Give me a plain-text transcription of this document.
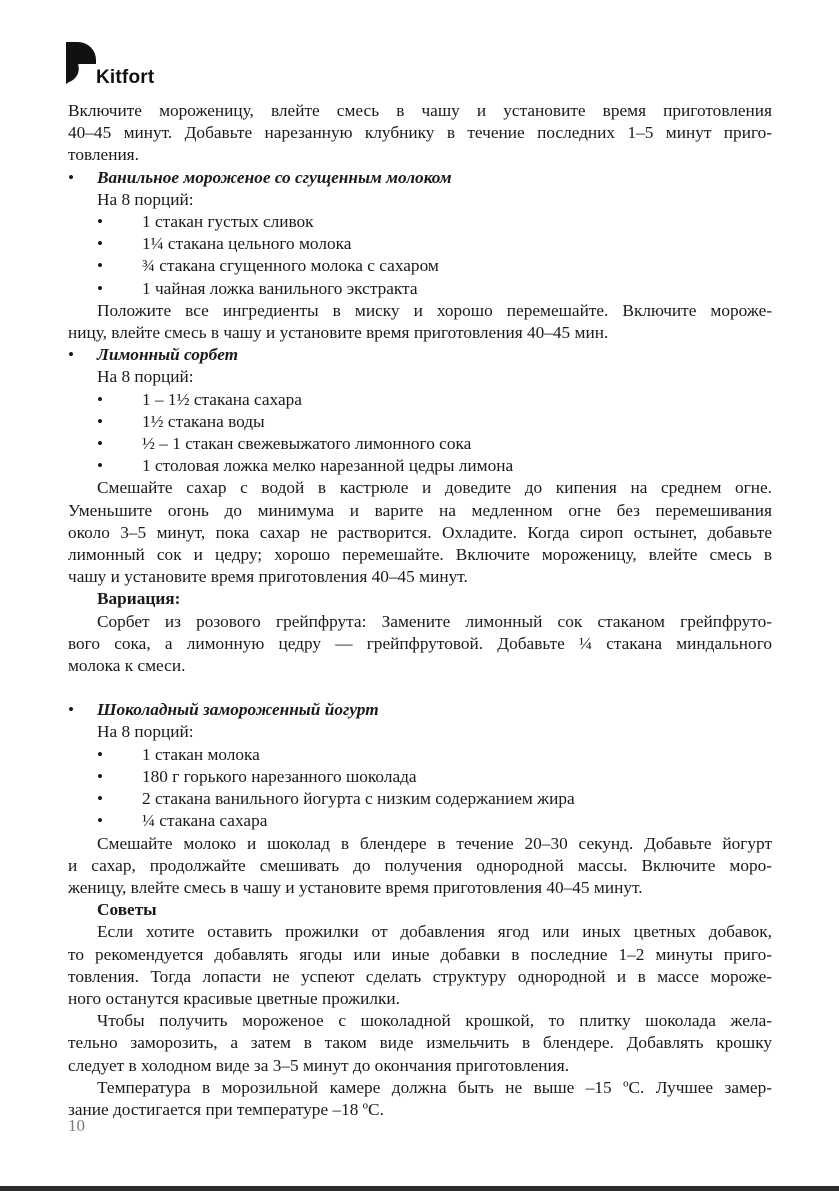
Kitfort

Включите мороженицу, влейте смесь в чашу и установите время приготовления

40–45 минут. Добавьте нарезанную клубнику в течение последних 1–5 минут приго-

товления.

• Ванильное мороженое со сгущенным молоком

На 8 порций:

• 1 стакан густых сливок

• 1¼ стакана цельного молока

• ¾ стакана сгущенного молока с сахаром

• 1 чайная ложка ванильного экстракта

Положите все ингредиенты в миску и хорошо перемешайте. Включите мороже-

ницу, влейте смесь в чашу и установите время приготовления 40–45 мин.

• Лимонный сорбет

На 8 порций:

• 1 – 1½ стакана сахара

• 1½ стакана воды

• ½ – 1 стакан свежевыжатого лимонного сока

• 1 столовая ложка мелко нарезанной цедры лимона

Смешайте сахар с водой в кастрюле и доведите до кипения на среднем огне.

Уменьшите огонь до минимума и варите на медленном огне без перемешивания

около 3–5 минут, пока сахар не растворится. Охладите. Когда сироп остынет, добавьте

лимонный сок и цедру; хорошо перемешайте. Включите мороженицу, влейте смесь в

чашу и установите время приготовления 40–45 минут.

Вариация:

Сорбет из розового грейпфрута: Замените лимонный сок стаканом грейпфруто-

вого сока, а лимонную цедру — грейпфрутовой. Добавьте ¼ стакана миндального

молока к смеси.

• Шоколадный замороженный йогурт

На 8 порций:

• 1 стакан молока

• 180 г горького нарезанного шоколада

• 2 стакана ванильного йогурта с низким содержанием жира

• ¼ стакана сахара

Смешайте молоко и шоколад в блендере в течение 20–30 секунд. Добавьте йогурт

и сахар, продолжайте смешивать до получения однородной массы. Включите моро-

женицу, влейте смесь в чашу и установите время приготовления 40–45 минут.

Советы

Если хотите оставить прожилки от добавления ягод или иных цветных добавок,

то рекомендуется добавлять ягоды или иные добавки в последние 1–2 минуты приго-

товления. Тогда лопасти не успеют сделать структуру однородной и в массе мороже-

ного останутся красивые цветные прожилки.

Чтобы получить мороженое с шоколадной крошкой, то плитку шоколада жела-

тельно заморозить, а затем в таком виде измельчить в блендере. Добавлять крошку

следует в холодном виде за 3–5 минут до окончания приготовления.

Температура в морозильной камере должна быть не выше –15 ºС. Лучшее замер-

зание достигается при температуре –18 ºС.

10
